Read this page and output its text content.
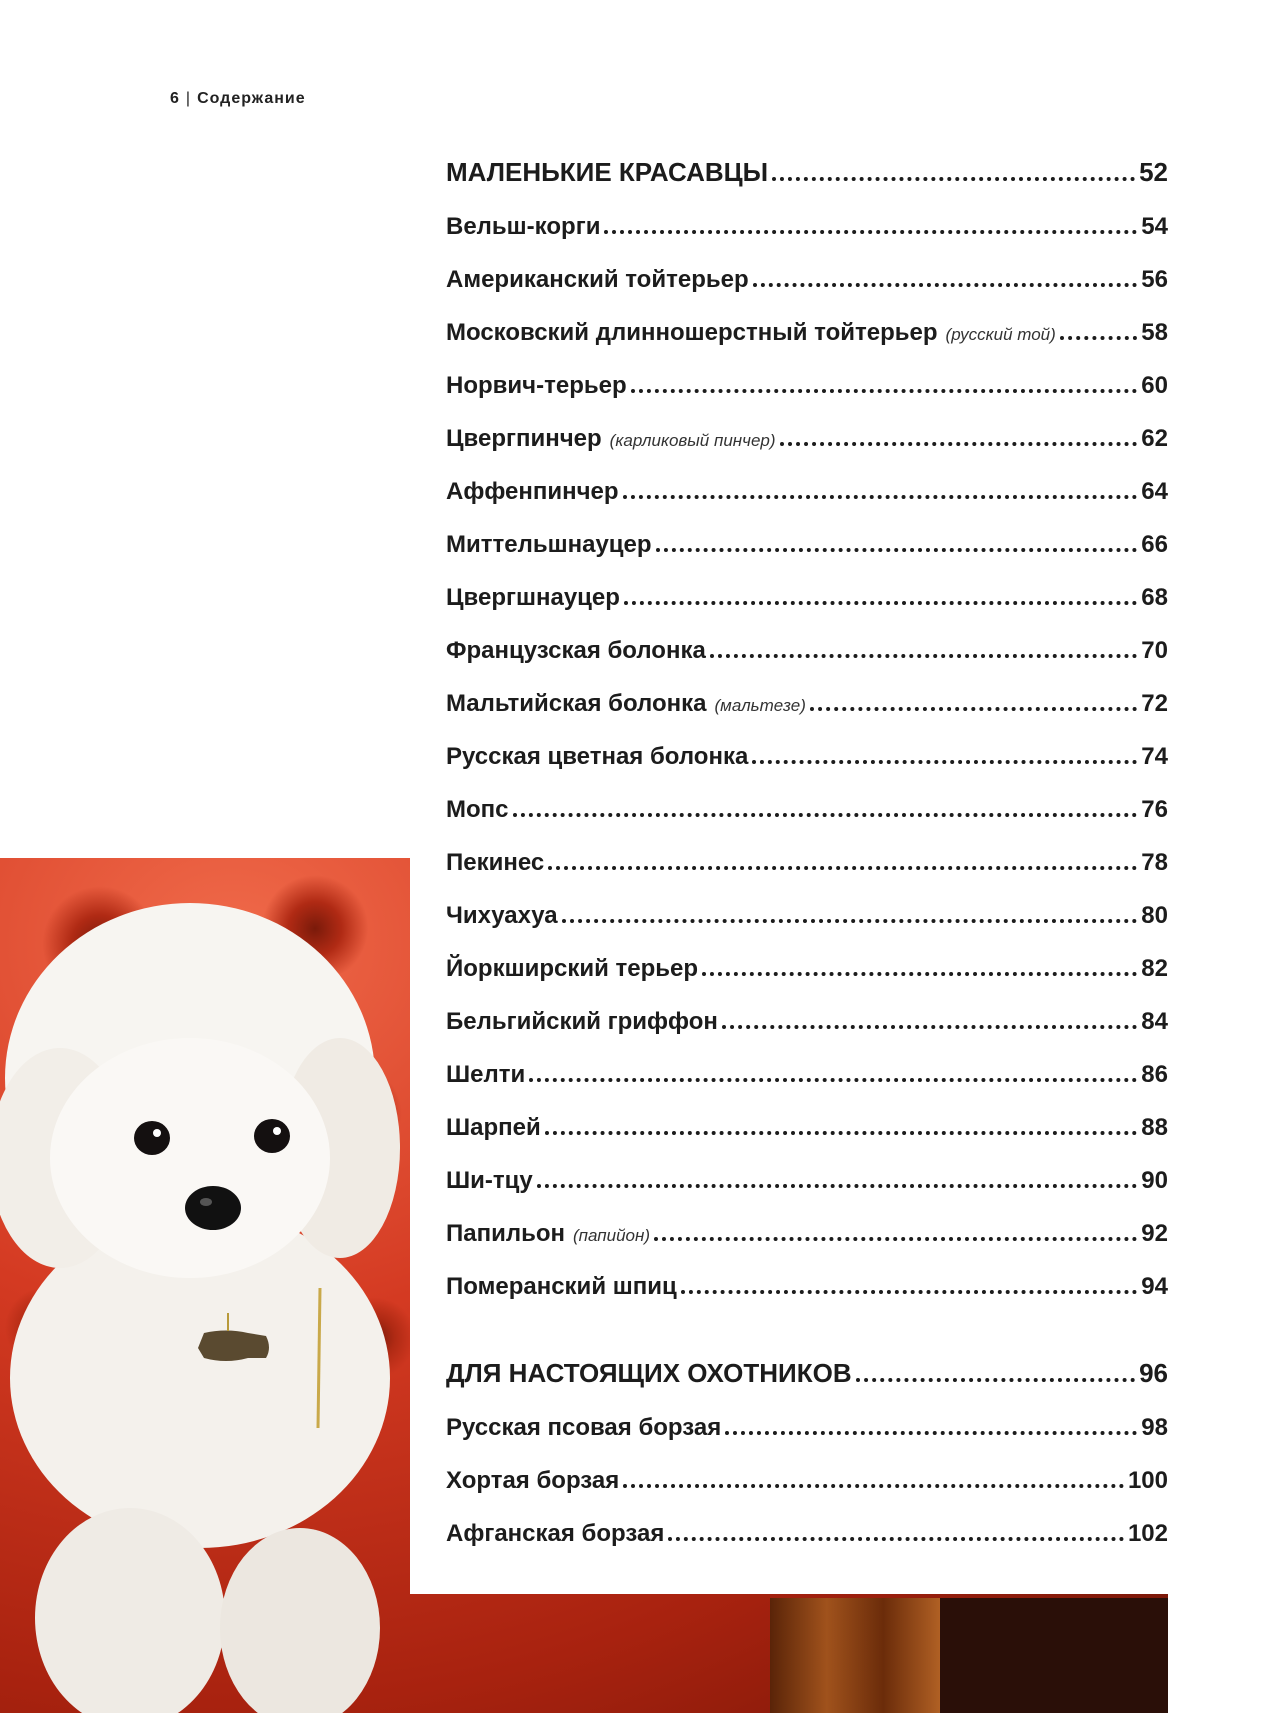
6 | Содержание
МАЛЕНЬКИЕ КРАСАВЦЫ	52
Вельш-корги	54
Американский тойтерьер	56
Московский длинношерстный тойтерьер (русский той)	58
Норвич-терьер	60
Цвергпинчер (карликовый пинчер)	62
Аффенпинчер	64
Миттельшнауцер	66
Цвергшнауцер	68
Французская болонка	70
Мальтийская болонка (мальтезе)	72
Русская цветная болонка	74
Мопс	76
Пекинес	78
Чихуахуа	80
Йоркширский терьер	82
Бельгийский гриффон	84
Шелти	86
Шарпей	88
Ши-тцу	90
Папильон (папийон)	92
Померанский шпиц	94
ДЛЯ НАСТОЯЩИХ ОХОТНИКОВ	96
Русская псовая борзая	98
Хортая борзая	100
Афганская борзая	102
